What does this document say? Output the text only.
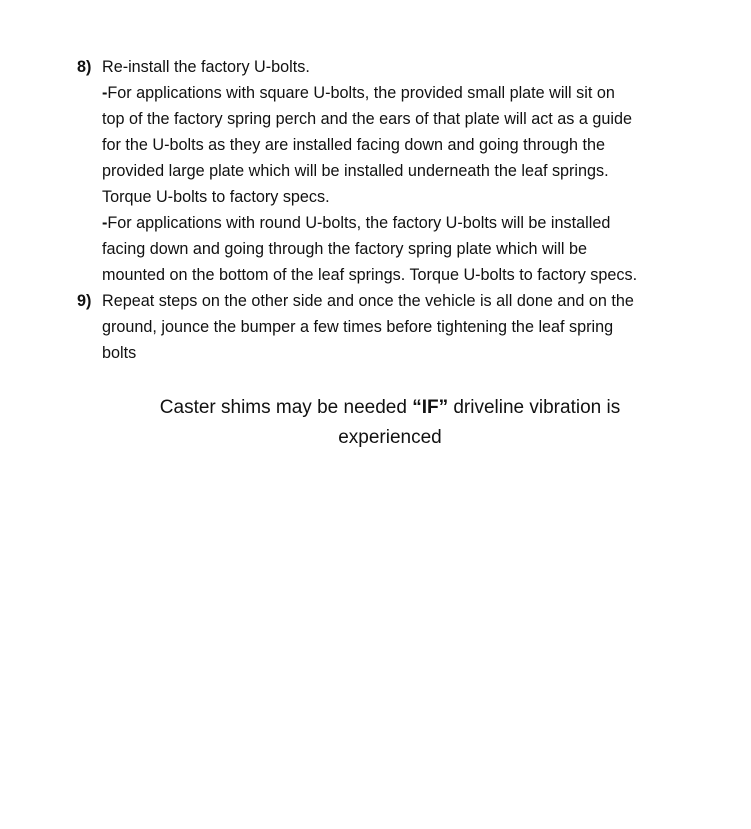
8) Re-install the factory U-bolts.
-For applications with square U-bolts, the provided small plate will sit on
top of the factory spring perch and the ears of that plate will act as a guide
for the U-bolts as they are installed facing down and going through the
provided large plate which will be installed underneath the leaf springs.
Torque U-bolts to factory specs.
-For applications with round U-bolts, the factory U-bolts will be installed
facing down and going through the factory spring plate which will be
mounted on the bottom of the leaf springs. Torque U-bolts to factory specs.
9) Repeat steps on the other side and once the vehicle is all done and on the
ground, jounce the bumper a few times before tightening the leaf spring
bolts
Caster shims may be needed “IF” driveline vibration is
experienced
